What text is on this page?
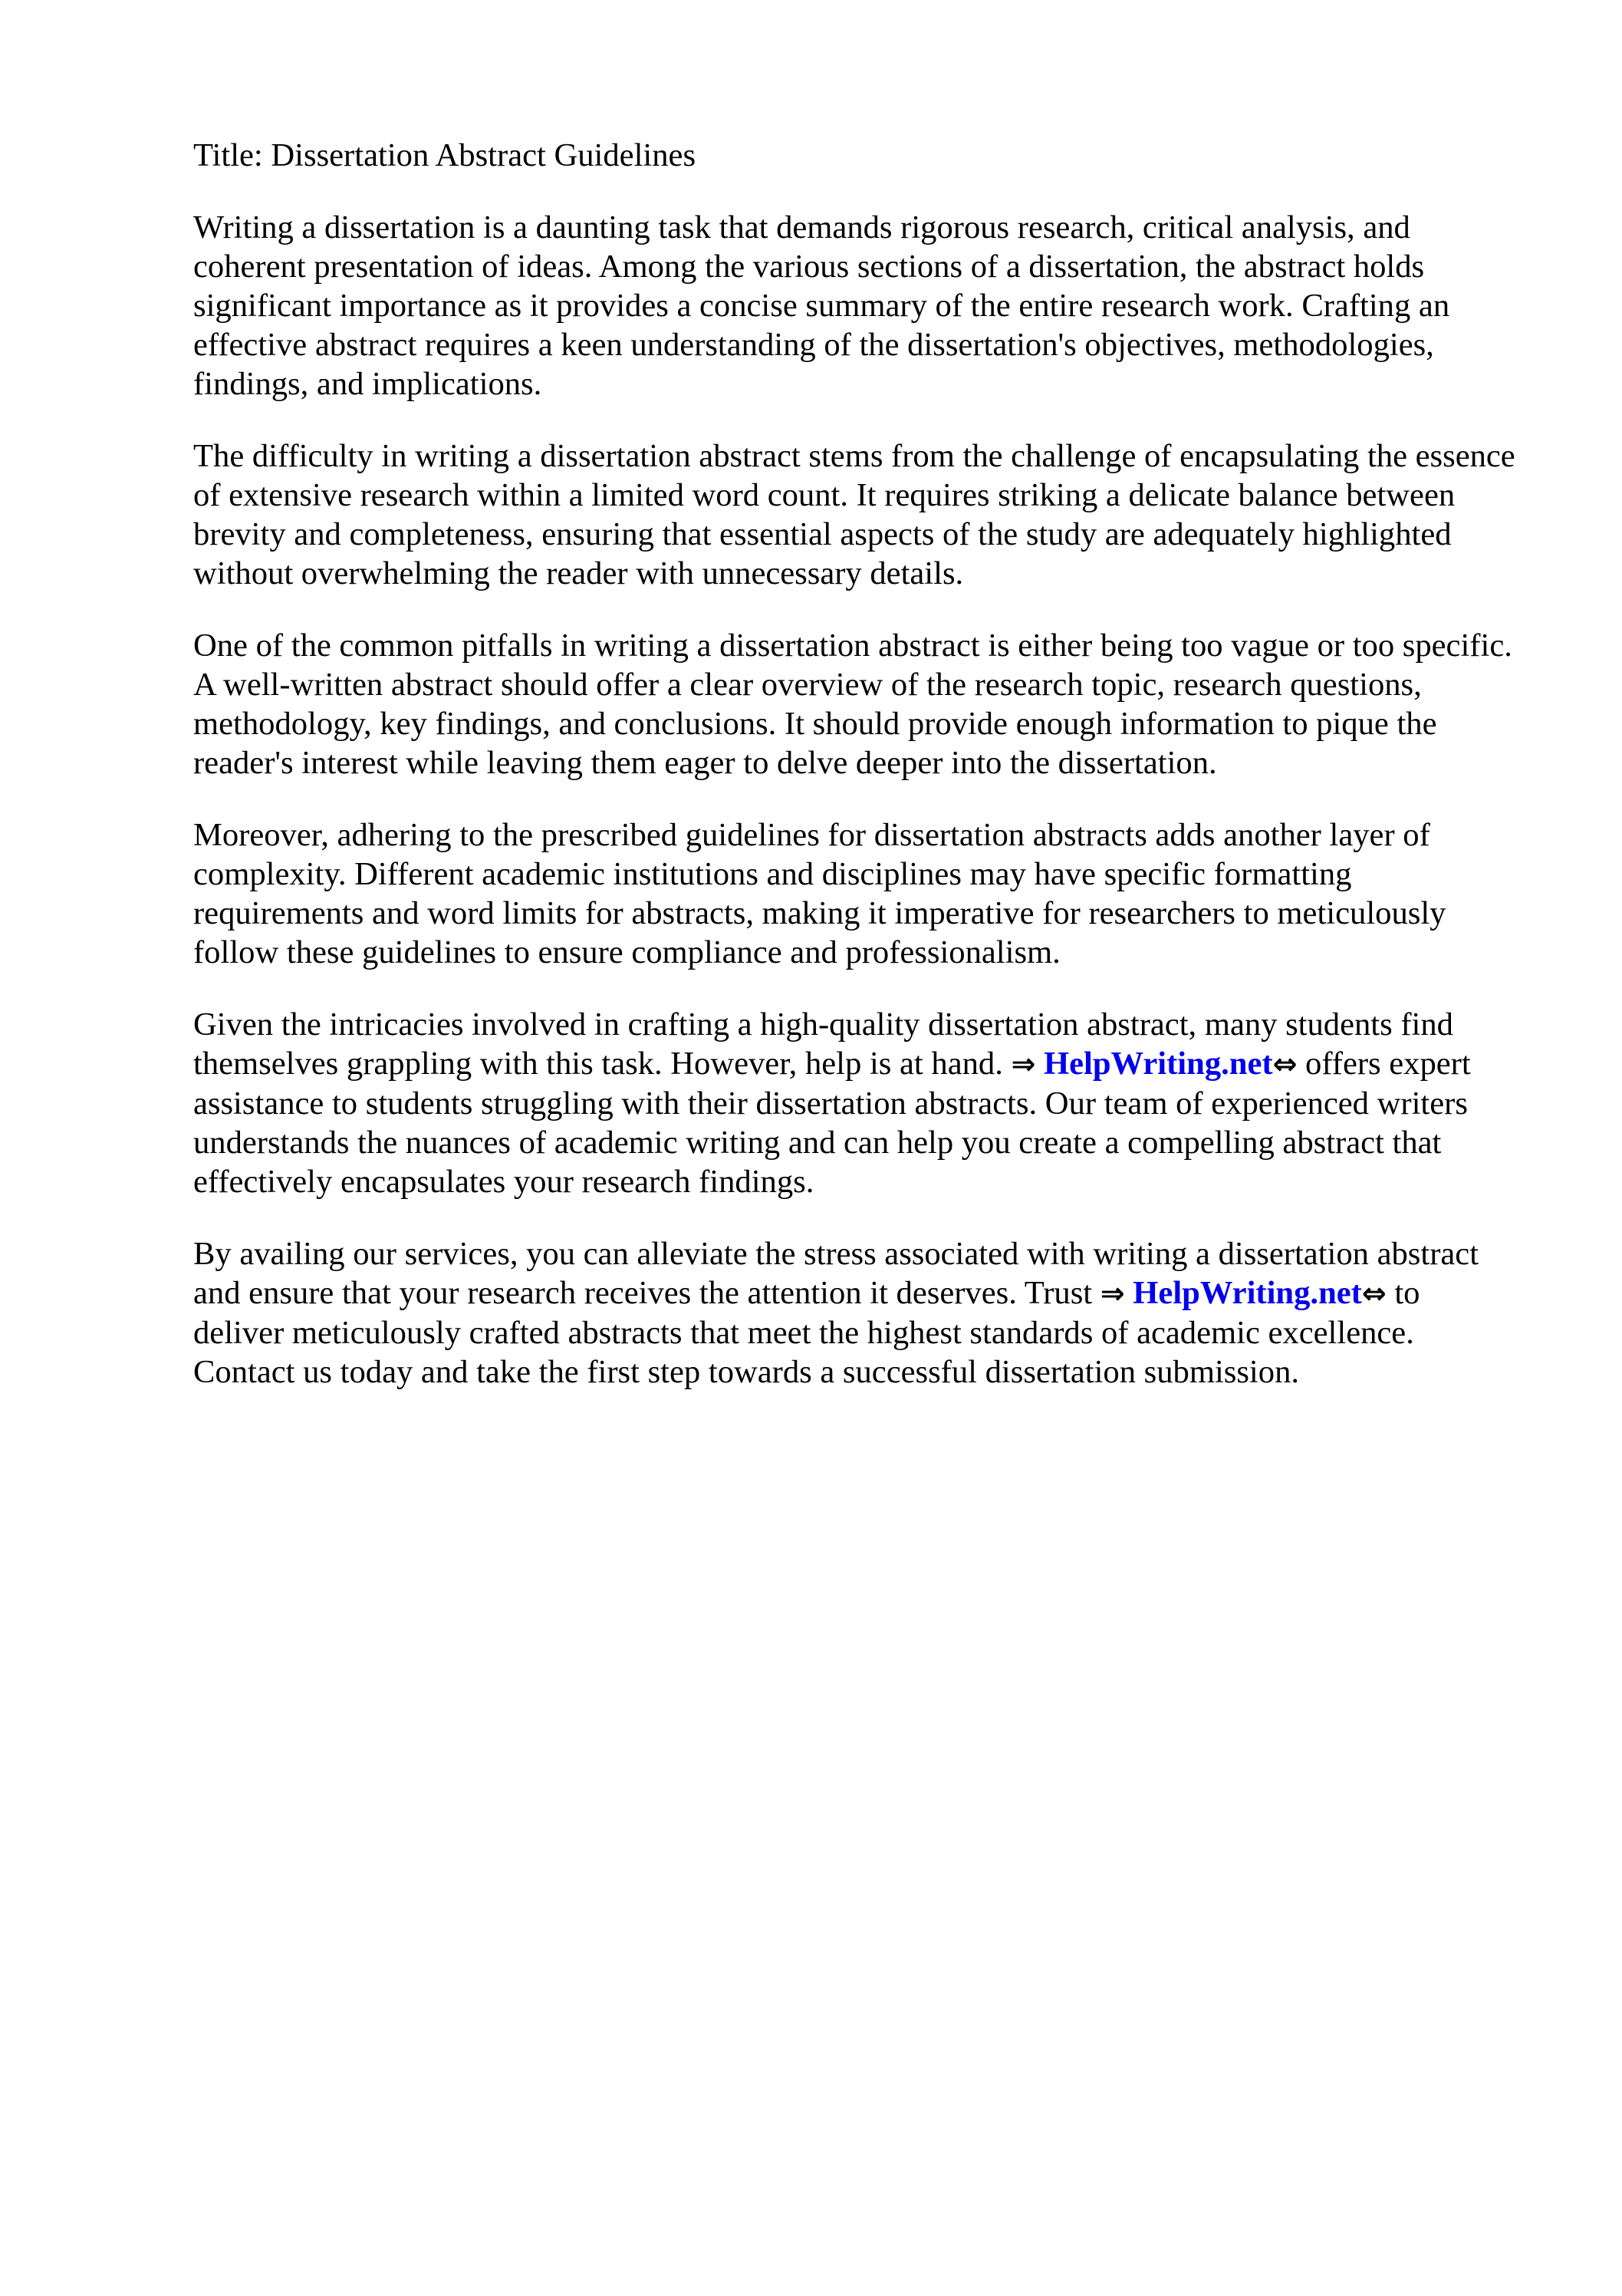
Title: Dissertation Abstract Guidelines

Writing a dissertation is a daunting task that demands rigorous research, critical analysis, and
coherent presentation of ideas. Among the various sections of a dissertation, the abstract holds
significant importance as it provides a concise summary of the entire research work. Crafting an
effective abstract requires a keen understanding of the dissertation's objectives, methodologies,
findings, and implications.

The difficulty in writing a dissertation abstract stems from the challenge of encapsulating the essence
of extensive research within a limited word count. It requires striking a delicate balance between
brevity and completeness, ensuring that essential aspects of the study are adequately highlighted
without overwhelming the reader with unnecessary details.

One of the common pitfalls in writing a dissertation abstract is either being too vague or too specific.
A well-written abstract should offer a clear overview of the research topic, research questions,
methodology, key findings, and conclusions. It should provide enough information to pique the
reader's interest while leaving them eager to delve deeper into the dissertation.

Moreover, adhering to the prescribed guidelines for dissertation abstracts adds another layer of
complexity. Different academic institutions and disciplines may have specific formatting
requirements and word limits for abstracts, making it imperative for researchers to meticulously
follow these guidelines to ensure compliance and professionalism.

Given the intricacies involved in crafting a high-quality dissertation abstract, many students find
themselves grappling with this task. However, help is at hand. ⇒ HelpWriting.net⇔ offers expert
assistance to students struggling with their dissertation abstracts. Our team of experienced writers
understands the nuances of academic writing and can help you create a compelling abstract that
effectively encapsulates your research findings.

By availing our services, you can alleviate the stress associated with writing a dissertation abstract
and ensure that your research receives the attention it deserves. Trust ⇒ HelpWriting.net⇔ to
deliver meticulously crafted abstracts that meet the highest standards of academic excellence.
Contact us today and take the first step towards a successful dissertation submission.
